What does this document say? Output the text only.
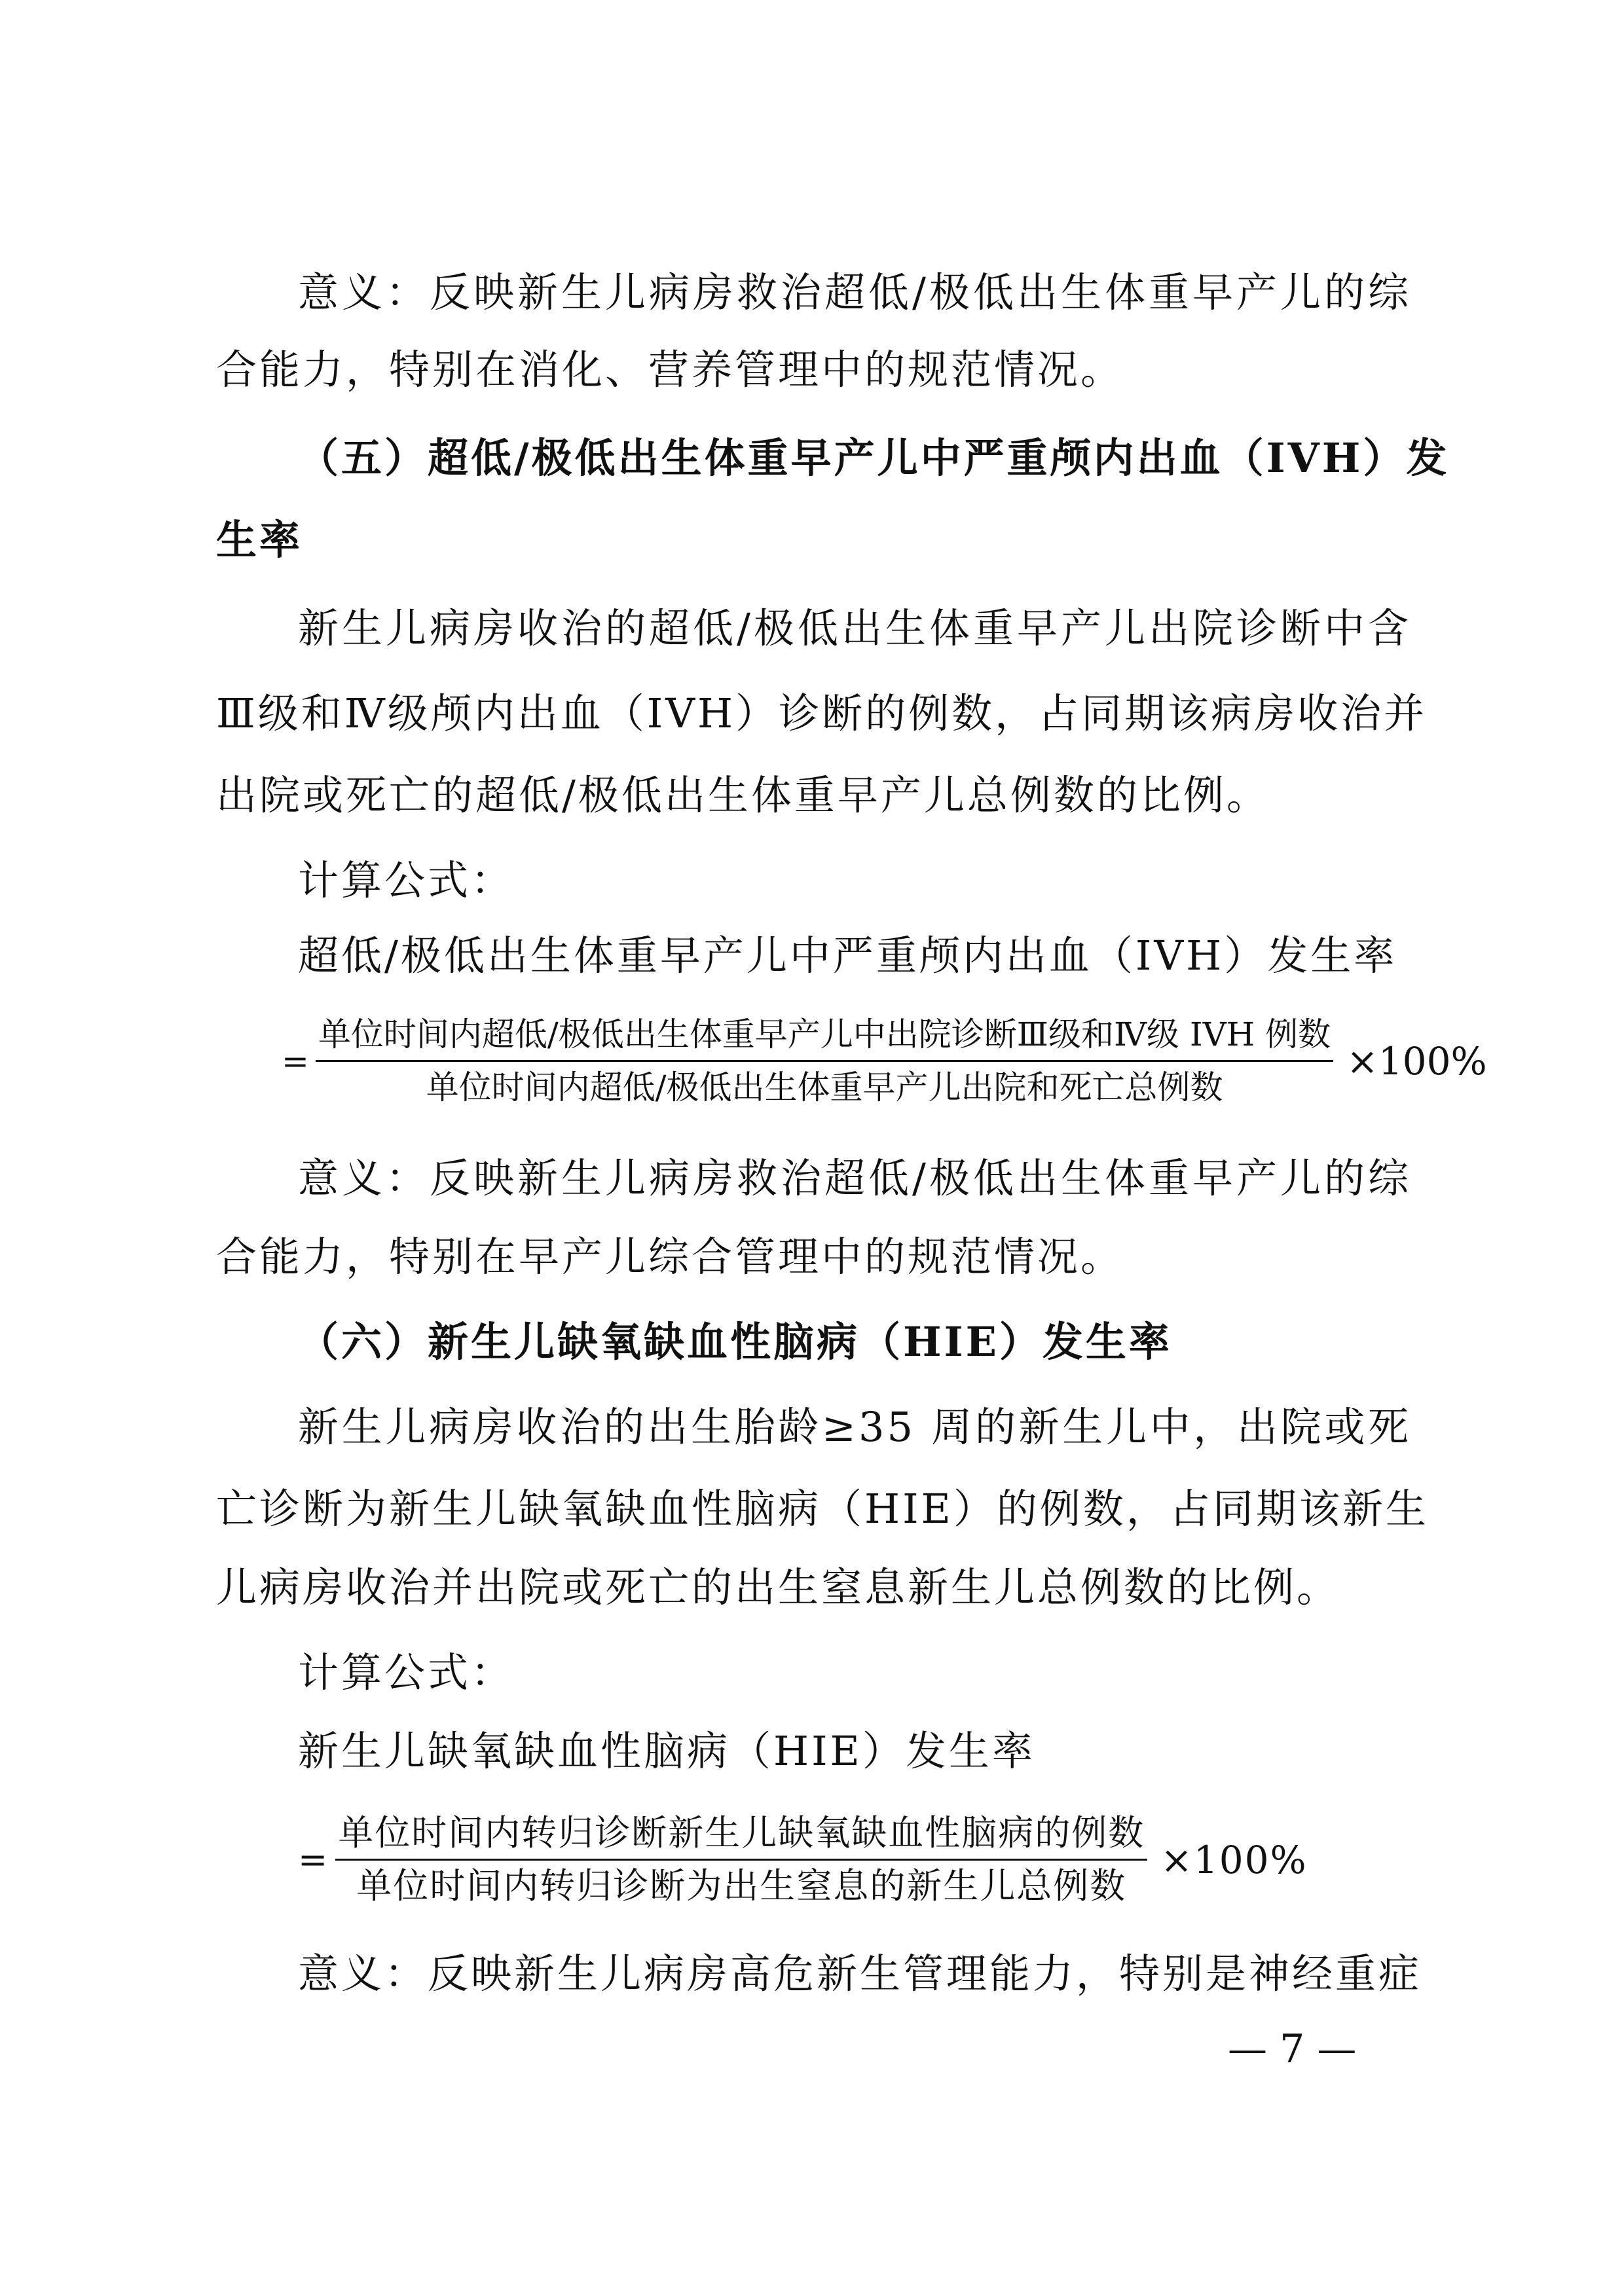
意义：反映新生儿病房救治超低/极低出生体重早产儿的综
合能力，特别在消化、营养管理中的规范情况。
（五）超低/极低出生体重早产儿中严重颅内出血（IVH）发
生率
新生儿病房收治的超低/极低出生体重早产儿出院诊断中含
Ⅲ级和Ⅳ级颅内出血（IVH）诊断的例数，占同期该病房收治并
出院或死亡的超低/极低出生体重早产儿总例数的比例。
计算公式：
超低/极低出生体重早产儿中严重颅内出血（IVH）发生率
= $\frac{\text{单位时间内超低/极低出生体重早产儿中出院诊断Ⅲ级和Ⅳ级 IVH 例数}}{\text{单位时间内超低/极低出生体重早产儿出院和死亡总例数}} \times 100\%$
意义：反映新生儿病房救治超低/极低出生体重早产儿的综
合能力，特别在早产儿综合管理中的规范情况。
（六）新生儿缺氧缺血性脑病（HIE）发生率
新生儿病房收治的出生胎龄≥35 周的新生儿中，出院或死
亡诊断为新生儿缺氧缺血性脑病（HIE）的例数，占同期该新生
儿病房收治并出院或死亡的出生窒息新生儿总例数的比例。
计算公式：
新生儿缺氧缺血性脑病（HIE）发生率
= $\frac{\text{单位时间内转归诊断新生儿缺氧缺血性脑病的例数}}{\text{单位时间内转归诊断为出生窒息的新生儿总例数}} \times 100\%$
意义：反映新生儿病房高危新生管理能力，特别是神经重症
— 7 —
